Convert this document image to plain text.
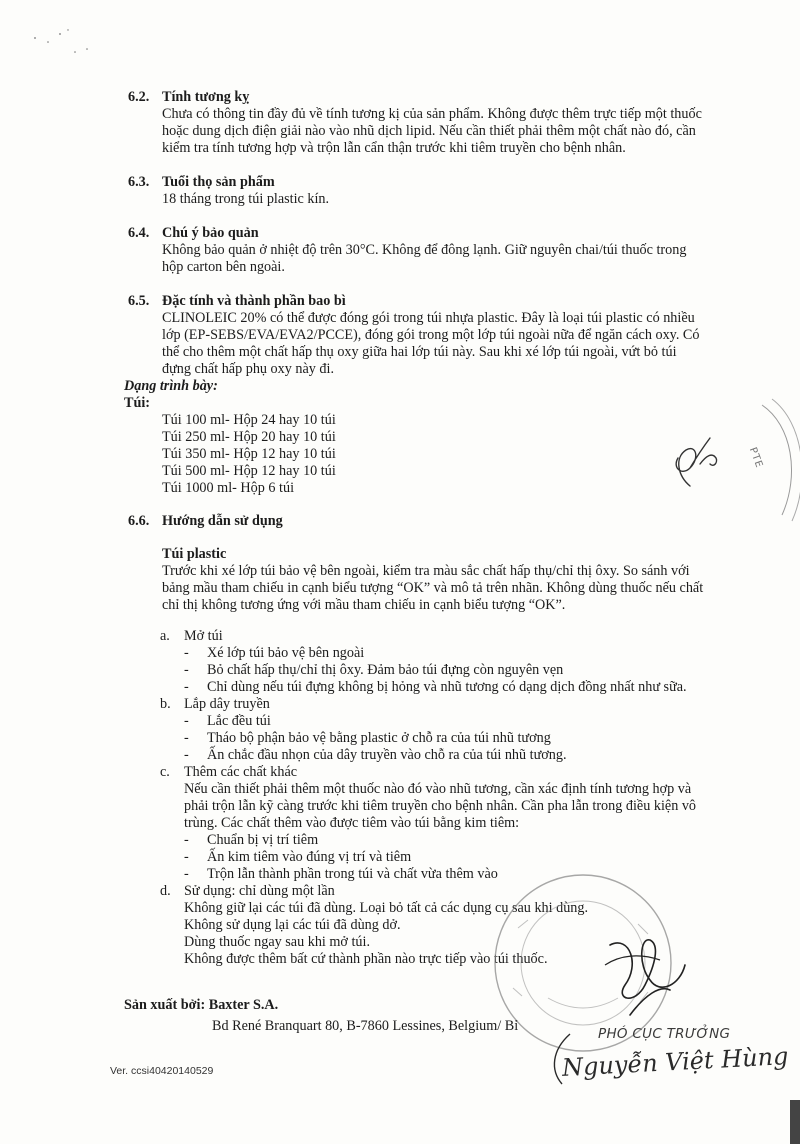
6.2. Tính tương kỵ
Chưa có thông tin đầy đủ về tính tương kị của sản phẩm. Không được thêm trực tiếp một thuốc
hoặc dung dịch điện giải nào vào nhũ dịch lipid. Nếu cần thiết phải thêm một chất nào đó, cần
kiểm tra tính tương hợp và trộn lẫn cẩn thận trước khi tiêm truyền cho bệnh nhân.
6.3. Tuổi thọ sản phẩm
18 tháng trong túi plastic kín.
6.4. Chú ý bảo quản
Không bảo quản ở nhiệt độ trên 30°C. Không để đông lạnh. Giữ nguyên chai/túi thuốc trong
hộp carton bên ngoài.
6.5. Đặc tính và thành phần bao bì
CLINOLEIC 20% có thể được đóng gói trong túi nhựa plastic. Đây là loại túi plastic có nhiều
lớp (EP-SEBS/EVA/EVA2/PCCE), đóng gói trong một lớp túi ngoài nữa để ngăn cách oxy. Có
thể cho thêm một chất hấp thụ oxy giữa hai lớp túi này. Sau khi xé lớp túi ngoài, vứt bỏ túi
đựng chất hấp phụ oxy này đi.
Dạng trình bày:
Túi:
Túi 100 ml- Hộp 24 hay 10 túi
Túi 250 ml- Hộp 20 hay 10 túi
Túi 350 ml- Hộp 12 hay 10 túi
Túi 500 ml- Hộp 12 hay 10 túi
Túi 1000 ml- Hộp 6 túi
PTE
6.6. Hướng dẫn sử dụng
Túi plastic
Trước khi xé lớp túi bảo vệ bên ngoài, kiểm tra màu sắc chất hấp thụ/chỉ thị ôxy. So sánh với
bảng mầu tham chiếu in cạnh biểu tượng “OK” và mô tả trên nhãn. Không dùng thuốc nếu chất
chỉ thị không tương ứng với mầu tham chiếu in cạnh biểu tượng “OK”.
a. Mở túi
- Xé lớp túi bảo vệ bên ngoài
- Bỏ chất hấp thụ/chỉ thị ôxy. Đảm bảo túi đựng còn nguyên vẹn
- Chỉ dùng nếu túi đựng không bị hỏng và nhũ tương có dạng dịch đồng nhất như sữa.
b. Lắp dây truyền
- Lắc đều túi
- Tháo bộ phận bảo vệ bằng plastic ở chỗ ra của túi nhũ tương
- Ấn chắc đầu nhọn của dây truyền vào chỗ ra của túi nhũ tương.
c. Thêm các chất khác
Nếu cần thiết phải thêm một thuốc nào đó vào nhũ tương, cần xác định tính tương hợp và
phải trộn lẫn kỹ càng trước khi tiêm truyền cho bệnh nhân. Cần pha lẫn trong điều kiện vô
trùng. Các chất thêm vào được tiêm vào túi bằng kim tiêm:
- Chuẩn bị vị trí tiêm
- Ấn kim tiêm vào đúng vị trí và tiêm
- Trộn lẫn thành phần trong túi và chất vừa thêm vào
d. Sử dụng: chỉ dùng một lần
Không giữ lại các túi đã dùng. Loại bỏ tất cả các dụng cụ sau khi dùng.
Không sử dụng lại các túi đã dùng dở.
Dùng thuốc ngay sau khi mở túi.
Không được thêm bất cứ thành phần nào trực tiếp vào túi thuốc.
Sản xuất bởi: Baxter S.A.
Bd René Branquart 80, B-7860 Lessines, Belgium/ Bỉ	PHÓ CỤC TRƯỞNG
Nguyễn Việt Hùng
Ver. ccsi40420140529
